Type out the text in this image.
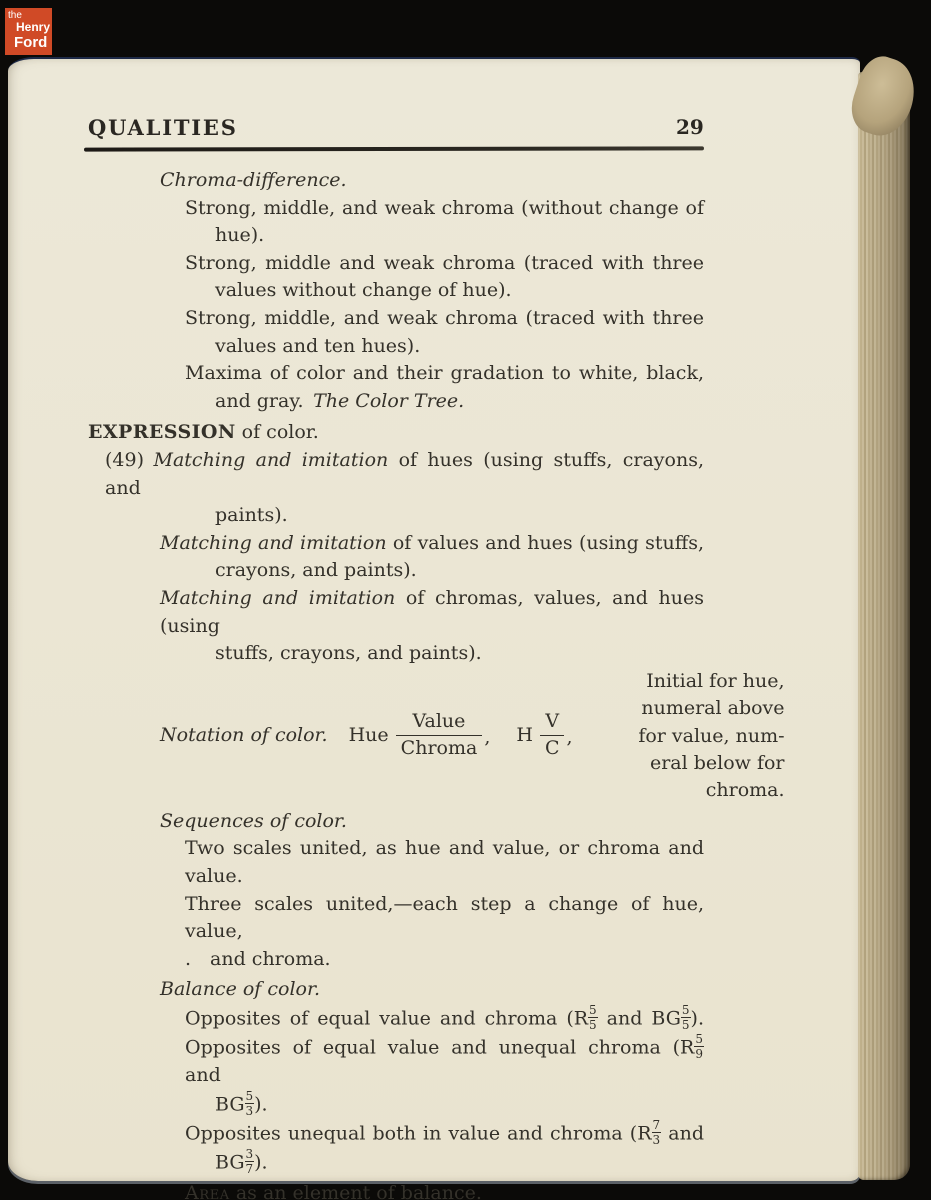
the
Henry
Ford
QUALITIES	29
Chroma-difference.
Strong, middle, and weak chroma (without change of
hue).
Strong, middle and weak chroma (traced with three
values without change of hue).
Strong, middle, and weak chroma (traced with three
values and ten hues).
Maxima of color and their gradation to white, black,
and gray. The Color Tree.
EXPRESSION of color.
(49) Matching and imitation of hues (using stuffs, crayons, and
paints).
Matching and imitation of values and hues (using stuffs,
crayons, and paints).
Matching and imitation of chromas, values, and hues (using
stuffs, crayons, and paints).
Notation of color. Hue
Value
Chroma , H
V
C ,
Initial for hue,
numeral above
for value, num-
eral below for chroma.
Sequences of color.
Two scales united, as hue and value, or chroma and value.
Three scales united,—each step a change of hue, value,
. and chroma.
Balance of color.
Opposites of equal value and chroma ($R \frac{5}{5}$ and BG $\frac{5}{5}$ ).
Opposites of equal value and unequal chroma ($R \frac{5}{9}$
and
BG $\frac{5}{3}$ ).
Opposites unequal both in value and chroma ($R \frac{7}{3}$ and
BG $\frac{3}{7}$ ).
Area as an element of balance.
